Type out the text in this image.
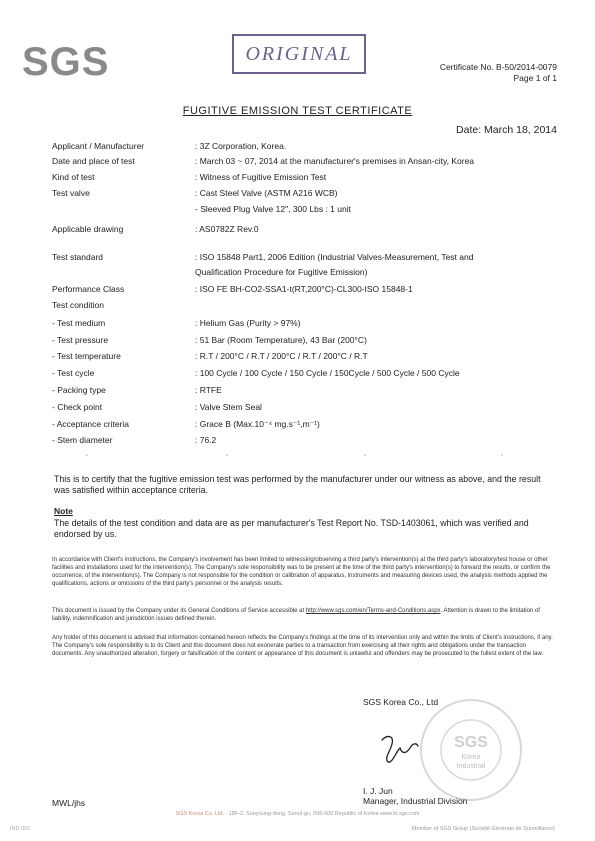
SGS	ORIGINAL
Certificate No. B-50/2014-0079
Page 1 of 1
FUGITIVE EMISSION TEST CERTIFICATE
Date: March 18, 2014
Applicant / Manufacturer	: 3Z Corporation, Korea.
Date and place of test	: March 03 ~ 07, 2014 at the manufacturer's premises in Ansan-city, Korea
Kind of test	: Witness of Fugitive Emission Test
Test valve	: Cast Steel Valve (ASTM A216 WCB)
- Sleeved Plug Valve 12", 300 Lbs : 1 unit
Applicable drawing	: AS0782Z Rev.0
Test standard	: ISO 15848 Part1, 2006 Edition (Industrial Valves-Measurement, Test and
Qualification Procedure for Fugitive Emission)
Performance Class	: ISO FE BH-CO2-SSA1-t(RT,200°C)-CL300-ISO 15848-1
Test condition
- Test medium	: Helium Gas (Purity > 97%)
- Test pressure	: 51 Bar (Room Temperature), 43 Bar (200°C)
- Test temperature	: R.T / 200°C / R.T / 200°C / R.T / 200°C / R.T
- Test cycle	: 100 Cycle / 100 Cycle / 150 Cycle / 150Cycle / 500 Cycle / 500 Cycle
- Packing type	: RTFE
- Check point	: Valve Stem Seal
- Acceptance criteria	: Grace B (Max.10⁻⁴ mg.s⁻¹,m⁻¹)
- Stem diameter	: 76.2
"	"	"	"
This is to certify that the fugitive emission test was performed by the manufacturer under our witness as above, and the result was satisfied within acceptance criteria.
Note
The details of the test condition and data are as per manufacturer's Test Report No. TSD-1403061, which was verified and endorsed by us.
In accordance with Client's instructions, the Company's involvement has been limited to witnessing/observing a third party's intervention(s) at the third party's laboratory/test house or other facilities and installations used for the intervention(s). The Company's sole responsibility was to be present at the time of the third party's intervention(s) to forward the results, or confirm the occurrence, of the intervention(s). The Company is not responsible for the condition or calibration of apparatus, instruments and measuring devices used, the analysis methods applied the qualifications, actions or omissions of the third party's personnel or the analysis results.
This document is issued by the Company under its General Conditions of Service accessible at http://www.sgs.com/en/Terms-and-Conditions.aspx. Attention is drawn to the limitation of liability, indemnification and jurisdiction issues defined therein.
Any holder of this document is advised that information contained hereon reflects the Company's findings at the time of its intervention only and within the limits of Client's instructions, if any. The Company's sole responsibility is to its Client and this document does not exonerate parties to a transaction from exercising all their rights and obligations under the transaction documents. Any unauthorized alteration, forgery or falsification of the content or appearance of this document is unlawful and offenders may be prosecuted to the fullest extent of the law.
SGS Korea Co., Ltd
SGS
Korea
Industrial
I. J. Jun
Manager, Industrial Division
MWL/jhs
SGS Korea Co. Ltd. 18F-2, Sunyoung-dong, Seoul-gu, 606-600 Republic of Korea www.kr.sgs.com
IND-001	Member of SGS Group (Société Générale de Surveillance)
